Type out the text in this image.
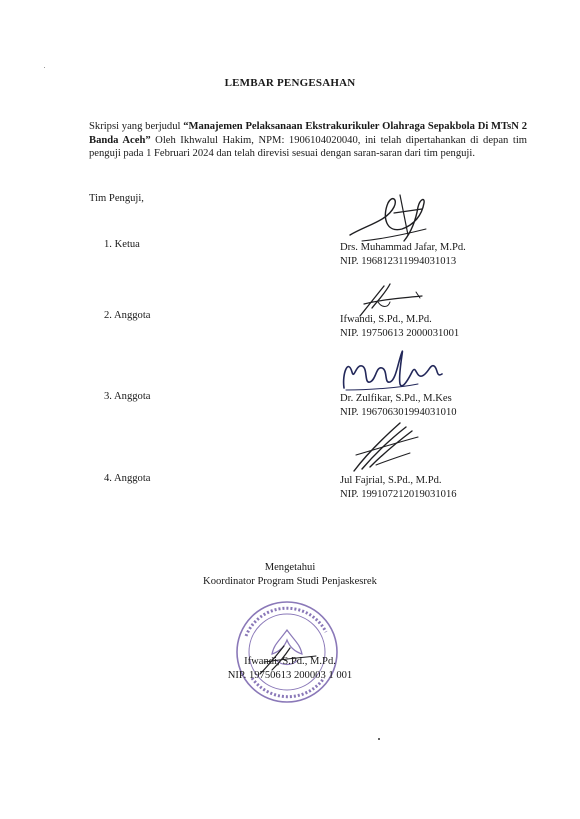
LEMBAR PENGESAHAN
Skripsi yang berjudul “Manajemen Pelaksanaan Ekstrakurikuler Olahraga Sepakbola Di MTsN 2 Banda Aceh” Oleh Ikhwalul Hakim, NPM: 1906104020040, ini telah dipertahankan di depan tim penguji pada 1 Februari 2024 dan telah direvisi sesuai dengan saran-saran dari tim penguji.
Tim Penguji,
1. Ketua	Drs. Muhammad Jafar, M.Pd.
NIP. 196812311994031013
2. Anggota	Ifwandi, S.Pd., M.Pd.
NIP. 19750613 2000031001
3. Anggota	Dr. Zulfikar, S.Pd., M.Kes
NIP. 196706301994031010
4. Anggota	Jul Fajrial, S.Pd., M.Pd.
NIP. 199107212019031016
Mengetahui
Koordinator Program Studi Penjaskesrek
Ifwandi, S.Pd., M.Pd.
NIP. 19750613 200003 1 001
